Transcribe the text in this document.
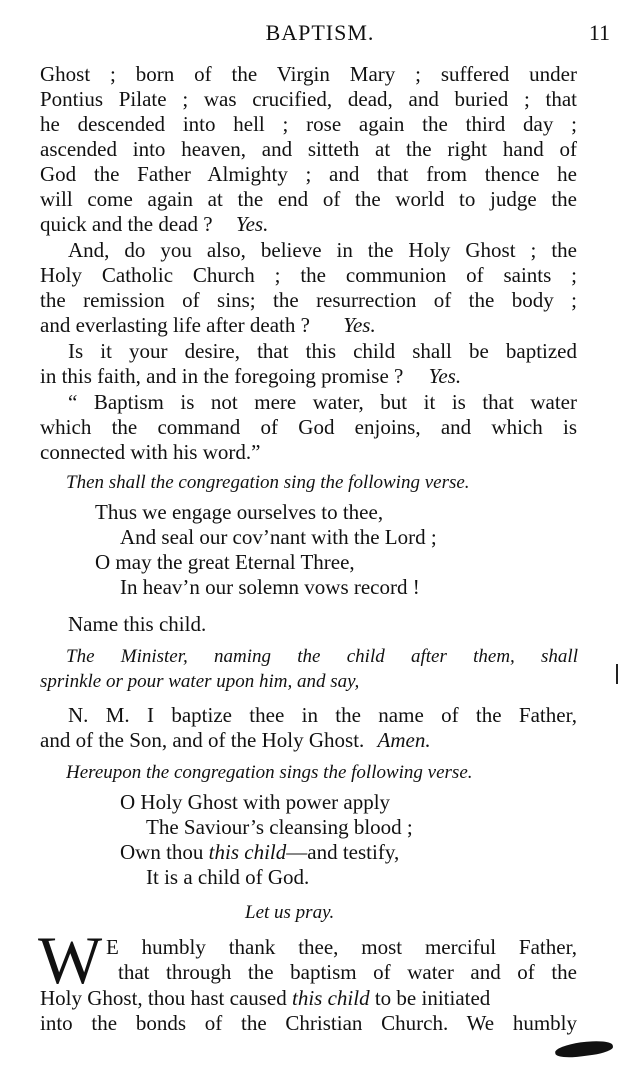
BAPTISM.	11
Ghost ; born of the Virgin Mary ; suffered under
Pontius Pilate ; was crucified, dead, and buried ; that
he descended into hell ; rose again the third day ;
ascended into heaven, and sitteth at the right hand of
God the Father Almighty ; and that from thence he
will come again at the end of the world to judge the
quick and the dead ? Yes.
And, do you also, believe in the Holy Ghost ; the
Holy Catholic Church ; the communion of saints ;
the remission of sins; the resurrection of the body ;
and everlasting life after death ? Yes.
Is it your desire, that this child shall be baptized
in this faith, and in the foregoing promise ? Yes.
“ Baptism is not mere water, but it is that water
which the command of God enjoins, and which is
connected with his word.”
Then shall the congregation sing the following verse.
Thus we engage ourselves to thee,
And seal our cov’nant with the Lord ;
O may the great Eternal Three,
In heav’n our solemn vows record !
Name this child.
The Minister, naming the child after them, shall
sprinkle or pour water upon him, and say,
N. M. I baptize thee in the name of the Father,
and of the Son, and of the Holy Ghost. Amen.
Hereupon the congregation sings the following verse.
O Holy Ghost with power apply
The Saviour’s cleansing blood ;
Own thou this child—and testify,
It is a child of God.
Let us pray.
W E humbly thank thee, most merciful Father,
that through the baptism of water and of the
Holy Ghost, thou hast caused this child to be initiated
into the bonds of the Christian Church. We humbly
